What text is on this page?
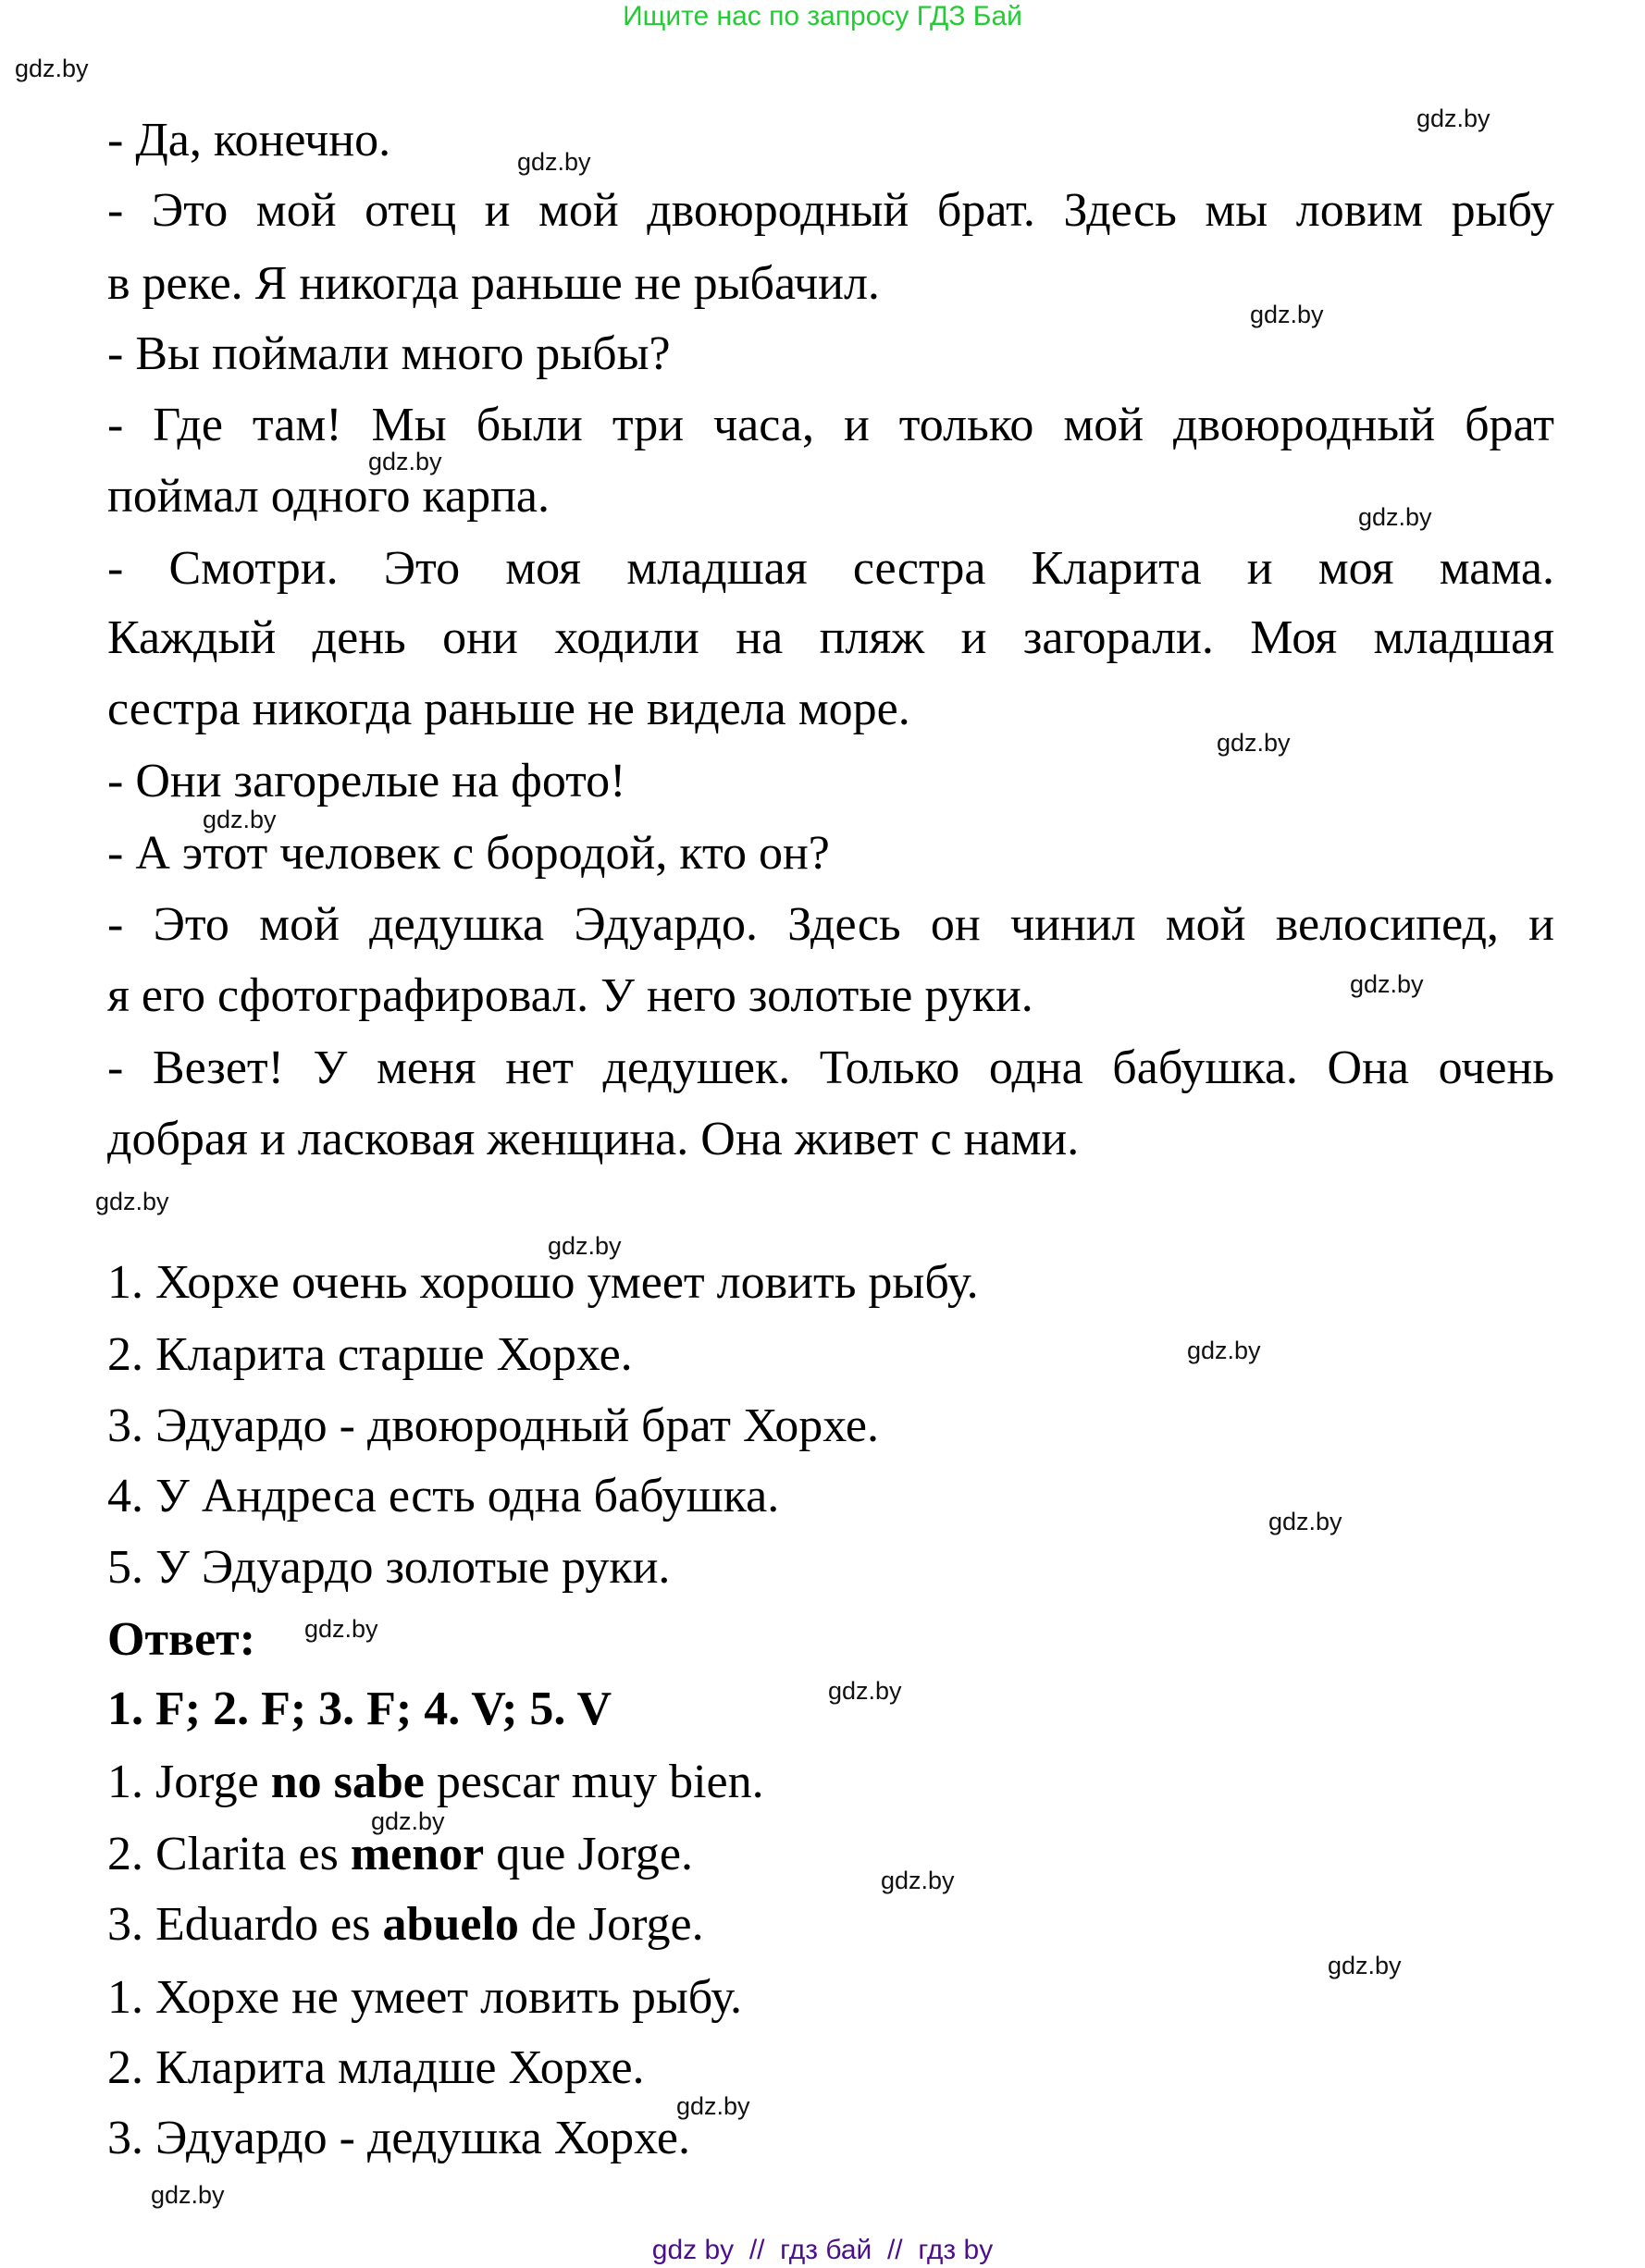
Ищите нас по запросу ГДЗ Бай
- Да, конечно.
- Это мой отец и мой двоюродный брат. Здесь мы ловим рыбу
в реке. Я никогда раньше не рыбачил.
- Вы поймали много рыбы?
- Где там! Мы были три часа, и только мой двоюродный брат
поймал одного карпа.
- Смотри. Это моя младшая сестра Кларита и моя мама.
Каждый день они ходили на пляж и загорали. Моя младшая
сестра никогда раньше не видела море.
- Они загорелые на фото!
- А этот человек с бородой, кто он?
- Это мой дедушка Эдуардо. Здесь он чинил мой велосипед, и
я его сфотографировал. У него золотые руки.
- Везет! У меня нет дедушек. Только одна бабушка. Она очень
добрая и ласковая женщина. Она живет с нами.
1. Хорхе очень хорошо умеет ловить рыбу.
2. Кларита старше Хорхе.
3. Эдуардо - двоюродный брат Хорхе.
4. У Андреса есть одна бабушка.
5. У Эдуардо золотые руки.
Ответ:
1. F; 2. F; 3. F; 4. V; 5. V
1. Jorge no sabe pescar muy bien.
2. Clarita es menor que Jorge.
3. Eduardo es abuelo de Jorge.
1. Хорхе не умеет ловить рыбу.
2. Кларита младше Хорхе.
3. Эдуардо - дедушка Хорхе.
gdz.by
gdz.by
gdz.by
gdz.by
gdz.by
gdz.by
gdz.by
gdz.by
gdz.by
gdz.by
gdz.by
gdz.by
gdz.by
gdz.by
gdz.by
gdz.by
gdz.by
gdz.by
gdz.by
gdz.by
gdz by  //  гдз бай  //  гдз by
